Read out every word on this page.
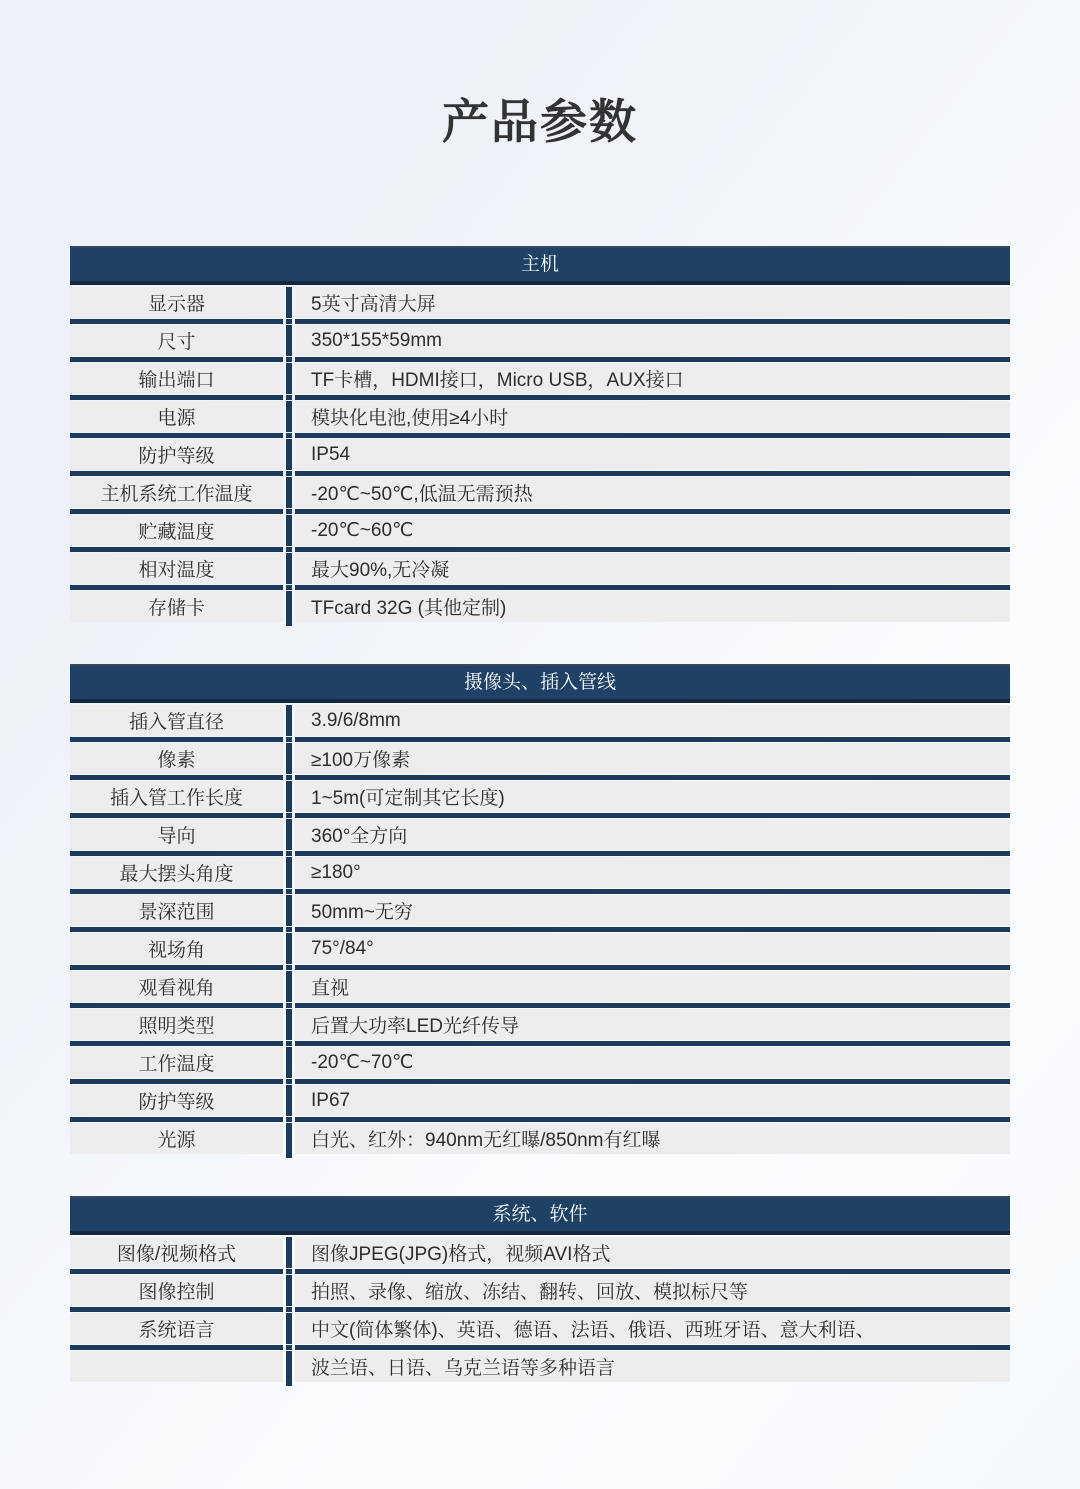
产品参数
主机
显示器	5英寸高清大屏
尺寸	350*155*59mm
输出端口	TF卡槽，HDMI接口，Micro USB，AUX接口
电源	模块化电池,使用≥4小时
防护等级	IP54
主机系统工作温度	-20℃~50℃,低温无需预热
贮藏温度	-20℃~60℃
相对温度	最大90%,无冷凝
存储卡	TFcard 32G (其他定制)
摄像头、插入管线
插入管直径	3.9/6/8mm
像素	≥100万像素
插入管工作长度	1~5m(可定制其它长度)
导向	360°全方向
最大摆头角度	≥180°
景深范围	50mm~无穷
视场角	75°/84°
观看视角	直视
照明类型	后置大功率LED光纤传导
工作温度	-20℃~70℃
防护等级	IP67
光源	白光、红外：940nm无红曝/850nm有红曝
系统、软件
图像/视频格式	图像JPEG(JPG)格式，视频AVI格式
图像控制	拍照、录像、缩放、冻结、翻转、回放、模拟标尺等
系统语言	中文(简体繁体)、英语、德语、法语、俄语、西班牙语、意大利语、
波兰语、日语、乌克兰语等多种语言
